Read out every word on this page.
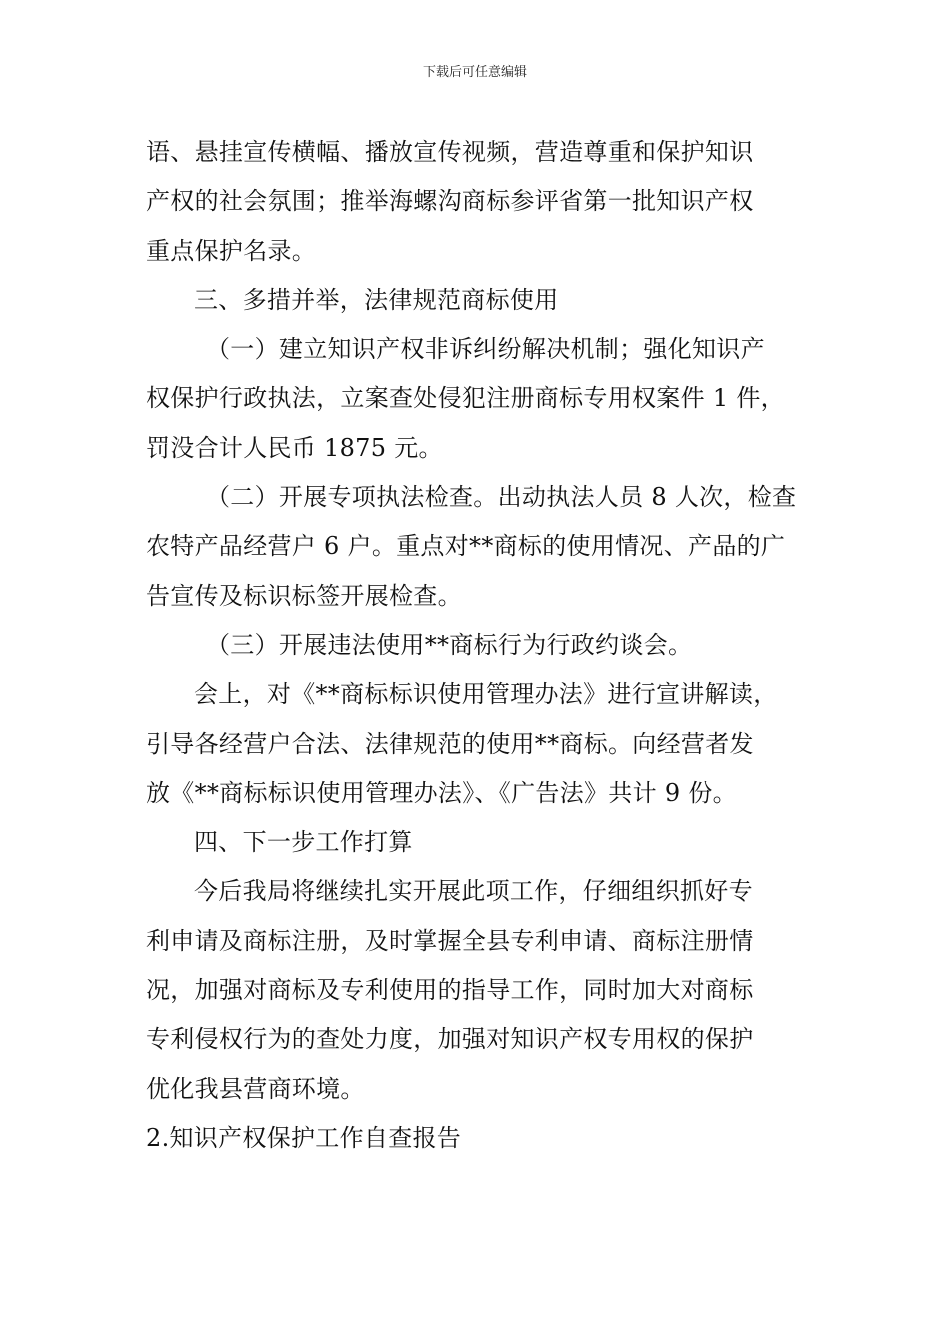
下载后可任意编辑
语、悬挂宣传横幅、播放宣传视频，营造尊重和保护知识
产权的社会氛围；推举海螺沟商标参评省第一批知识产权
重点保护名录。
三、多措并举，法律规范商标使用
（一）建立知识产权非诉纠纷解决机制；强化知识产
权保护行政执法，立案查处侵犯注册商标专用权案件 1 件，
罚没合计人民币 1875 元。
（二）开展专项执法检查。出动执法人员 8 人次，检查
农特产品经营户 6 户。重点对**商标的使用情况、产品的广
告宣传及标识标签开展检查。
（三）开展违法使用**商标行为行政约谈会。
会上，对《**商标标识使用管理办法》进行宣讲解读，
引导各经营户合法、法律规范的使用**商标。向经营者发
放《**商标标识使用管理办法》、《广告法》共计 9 份。
四、下一步工作打算
今后我局将继续扎实开展此项工作，仔细组织抓好专
利申请及商标注册，及时掌握全县专利申请、商标注册情
况，加强对商标及专利使用的指导工作，同时加大对商标
专利侵权行为的查处力度，加强对知识产权专用权的保护
优化我县营商环境。
2.知识产权保护工作自查报告
